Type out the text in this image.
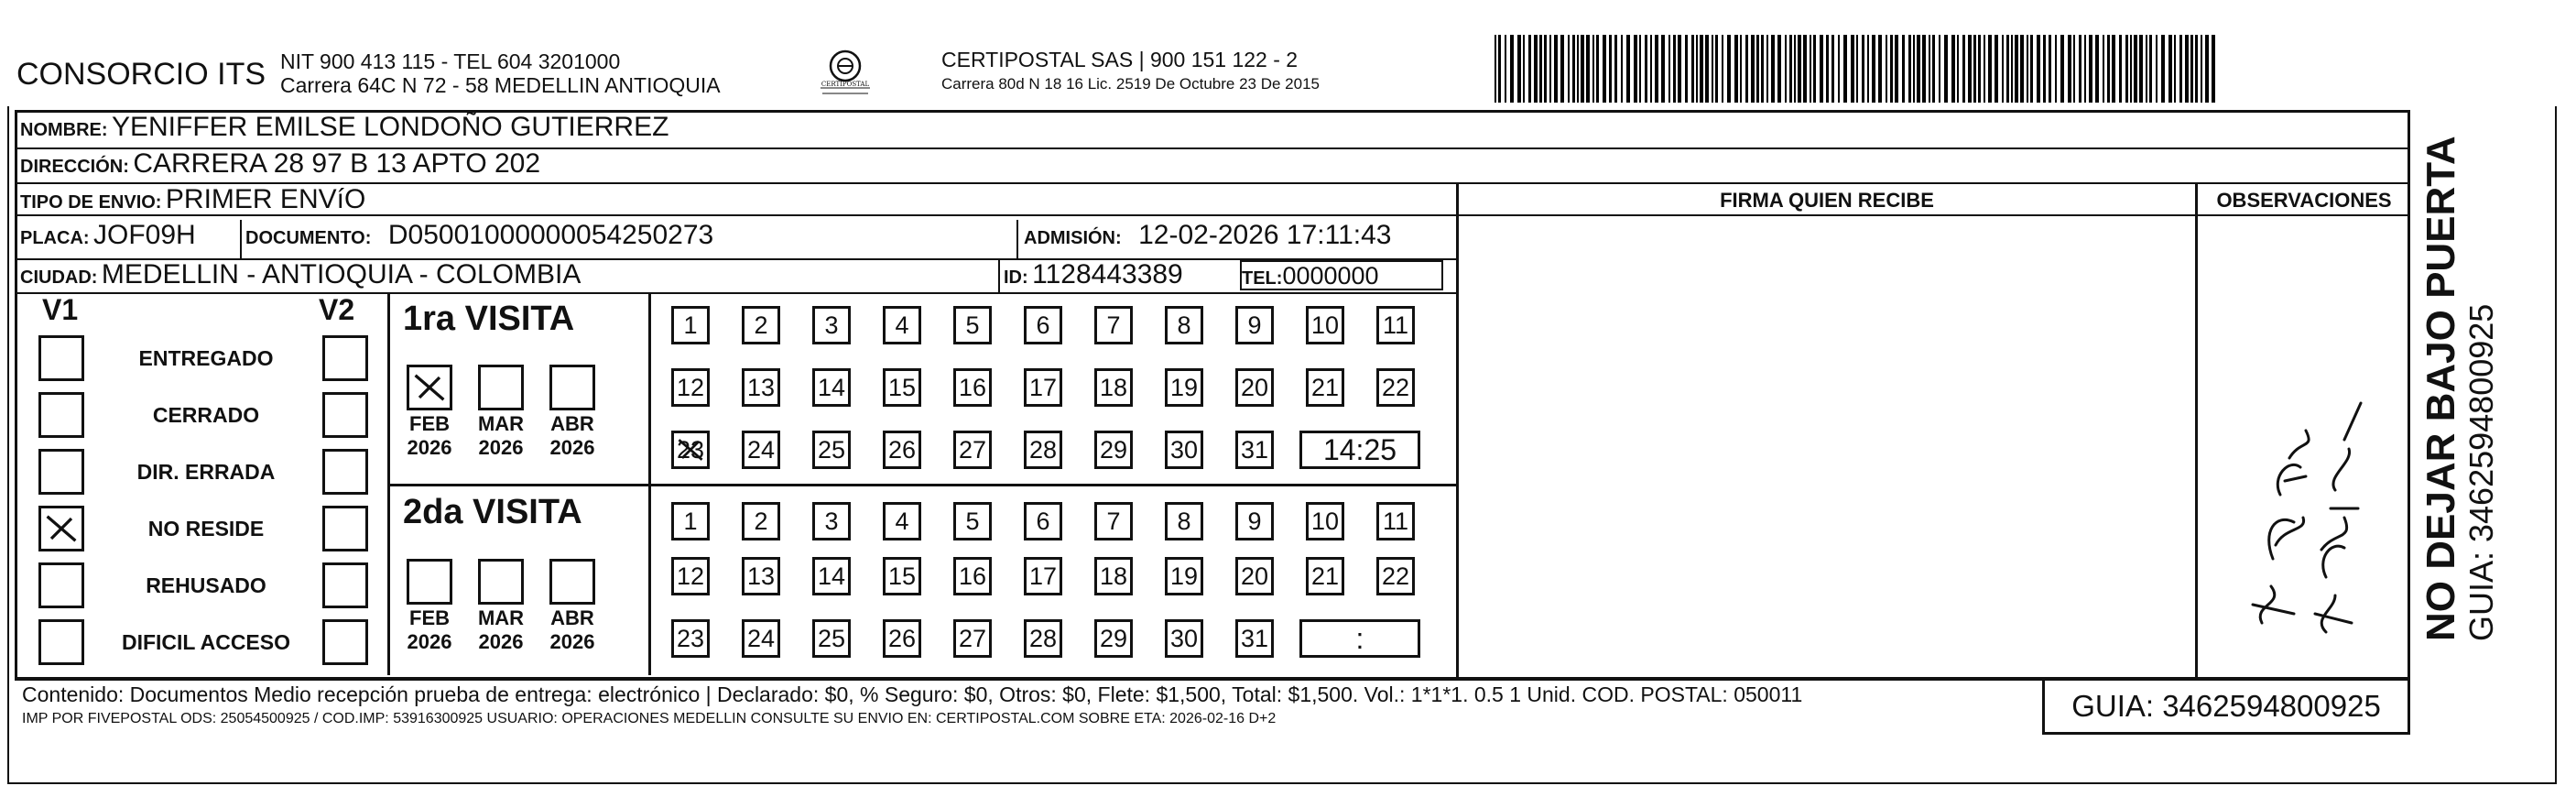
CONSORCIO ITS NIT 900 413 115 - TEL 604 3201000
Carrera 64C N 72 - 58 MEDELLIN ANTIOQUIA	CERTIPOSTAL
CERTIPOSTAL SAS | 900 151 122 - 2
Carrera 80d N 18 16 Lic. 2519 De Octubre 23 De 2015
NOMBRE: YENIFFER EMILSE LONDOÑO GUTIERREZ
DIRECCIÓN: CARRERA 28 97 B 13 APTO 202
TIPO DE ENVIO: PRIMER ENVíO	FIRMA QUIEN RECIBE	OBSERVACIONES
PLACA: JOF09H	DOCUMENTO: D05001000000054250273	ADMISIÓN: 12-02-2026 17:11:43
CIUDAD: MEDELLIN - ANTIOQUIA - COLOMBIA	ID: 1128443389	TEL:0000000
V1	V2
ENTREGADO
CERRADO
DIR. ERRADA
NO RESIDE
REHUSADO
DIFICIL ACCESO
1ra VISITA
FEB
2026
MAR
2026
ABR
2026
1	2	3	4	5	6	7	8	9	10 11
12 13 14 15 16 17 18 19 20 21 22
23 24 25 26 27 28 29 30 31	14:25
2da VISITA
FEB
2026
MAR
2026
ABR
2026
1	2	3	4	5	6	7	8	9	10 11
12 13 14 15 16 17 18 19 20 21 22
23 24 25 26 27 28 29 30 31	:
Contenido: Documentos Medio recepción prueba de entrega: electrónico | Declarado: $0, % Seguro: $0, Otros: $0, Flete: $1,500, Total: $1,500. Vol.: 1*1*1. 0.5 1 Unid. COD. POSTAL: 050011
IMP POR FIVEPOSTAL ODS: 25054500925 / COD.IMP: 53916300925 USUARIO: OPERACIONES MEDELLIN CONSULTE SU ENVIO EN: CERTIPOSTAL.COM SOBRE ETA: 2026-02-16 D+2	GUIA: 3462594800925
NO DEJAR BAJO PUERTA GUIA: 3462594800925
